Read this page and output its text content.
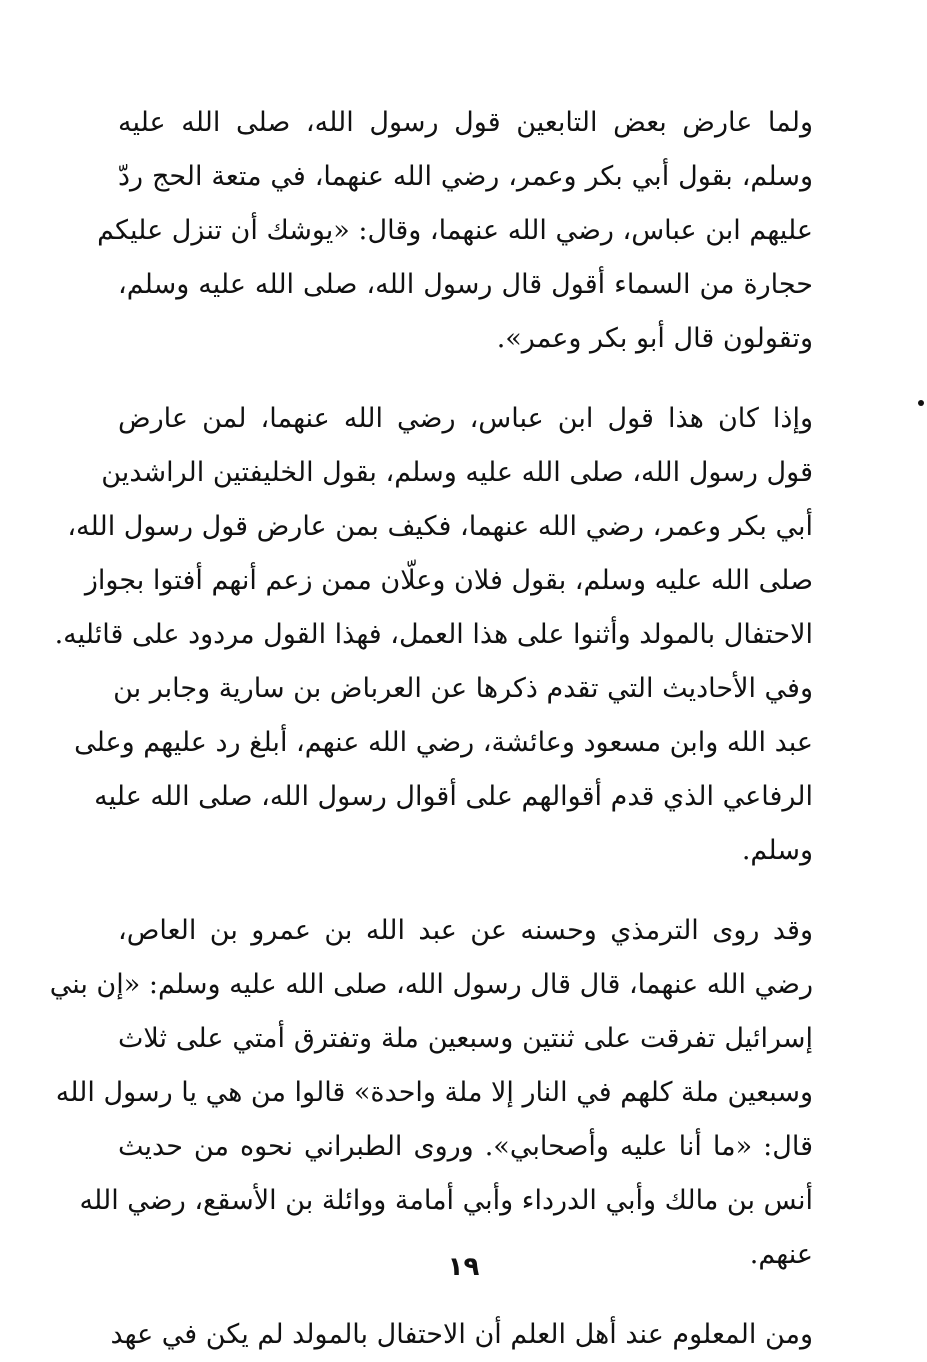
ولما عارض بعض التابعين قول رسول الله، صلى الله عليه
وسلم، بقول أبي بكر وعمر، رضي الله عنهما، في متعة الحج ردّ
عليهم ابن عباس، رضي الله عنهما، وقال: «يوشك أن تنزل عليكم
حجارة من السماء أقول قال رسول الله، صلى الله عليه وسلم،
وتقولون قال أبو بكر وعمر».
وإذا كان هذا قول ابن عباس، رضي الله عنهما، لمن عارض
قول رسول الله، صلى الله عليه وسلم، بقول الخليفتين الراشدين
أبي بكر وعمر، رضي الله عنهما، فكيف بمن عارض قول رسول الله،
صلى الله عليه وسلم، بقول فلان وعلّان ممن زعم أنهم أفتوا بجواز
الاحتفال بالمولد وأثنوا على هذا العمل، فهذا القول مردود على قائليه.
وفي الأحاديث التي تقدم ذكرها عن العرباض بن سارية وجابر بن
عبد الله وابن مسعود وعائشة، رضي الله عنهم، أبلغ رد عليهم وعلى
الرفاعي الذي قدم أقوالهم على أقوال رسول الله، صلى الله عليه
وسلم.
وقد روى الترمذي وحسنه عن عبد الله بن عمرو بن العاص،
رضي الله عنهما، قال قال رسول الله، صلى الله عليه وسلم: «إن بني
إسرائيل تفرقت على ثنتين وسبعين ملة وتفترق أمتي على ثلاث
وسبعين ملة كلهم في النار إلا ملة واحدة» قالوا من هي يا رسول الله
قال: «ما أنا عليه وأصحابي». وروى الطبراني نحوه من حديث
أنس بن مالك وأبي الدرداء وأبي أمامة ووائلة بن الأسقع، رضي الله
عنهم.
ومن المعلوم عند أهل العلم أن الاحتفال بالمولد لم يكن في عهد
١٩
